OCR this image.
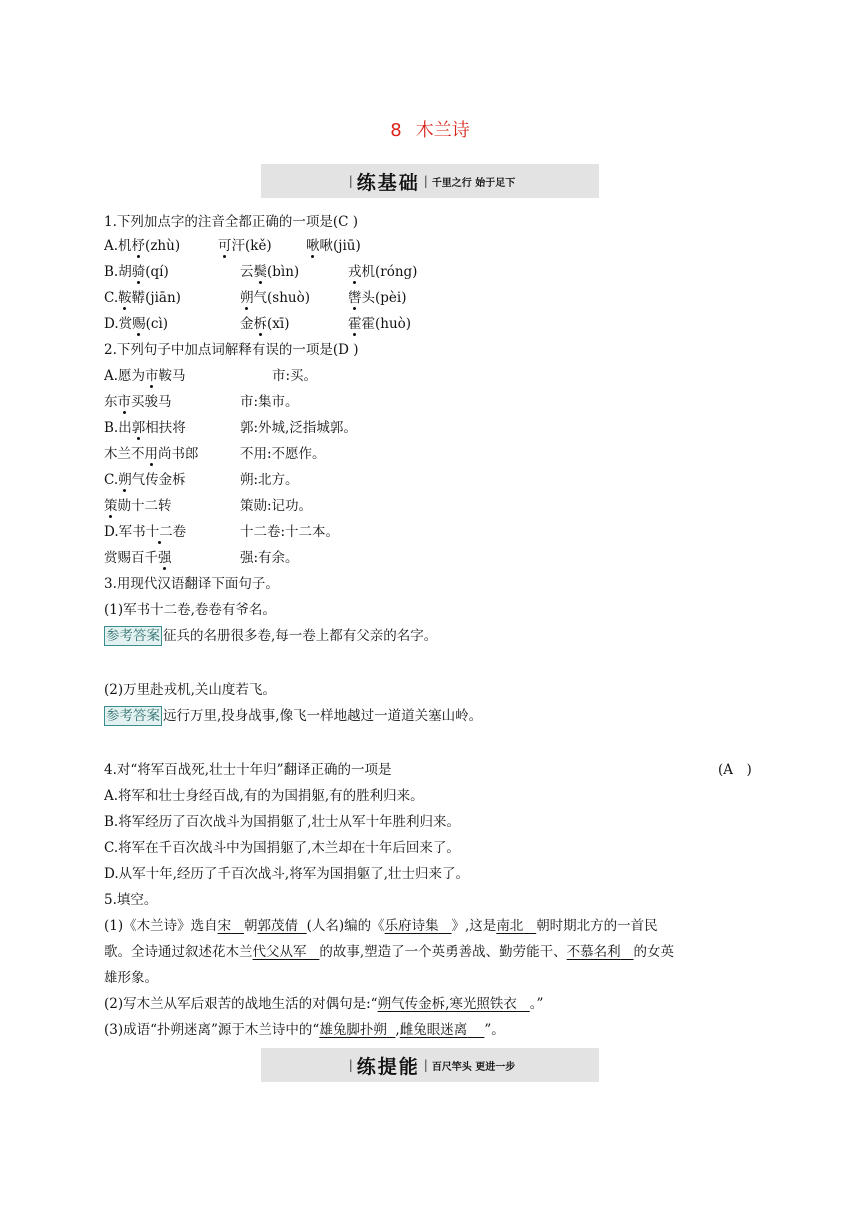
8 木兰诗
| 练基础 | 千里之行 始于足下
1.下列加点字的注音全都正确的一项是(C )
A.机杼(zhù)	可汗(kě)	啾啾(jiū)
B.胡骑(qí)	云鬓(bìn)	戎机(róng)
C.鞍鞯(jiān)	朔气(shuò)	辔头(pèi)
D.赏赐(cì)	金柝(xī)	霍霍(huò)
2.下列句子中加点词解释有误的一项是(D )
A.愿为市鞍马	市:买。
东市买骏马	市:集市。
B.出郭相扶将	郭:外城,泛指城郭。
木兰不用尚书郎	不用:不愿作。
C.朔气传金柝	朔:北方。
策勋十二转	策勋:记功。
D.军书十二卷	十二卷:十二本。
赏赐百千强	强:有余。
3.用现代汉语翻译下面句子。
(1)军书十二卷,卷卷有爷名。
参考答案 征兵的名册很多卷,每一卷上都有父亲的名字。
(2)万里赴戎机,关山度若飞。
参考答案 远行万里,投身战事,像飞一样地越过一道道关塞山岭。
4.对“将军百战死,壮士十年归”翻译正确的一项是	(A　)
A.将军和壮士身经百战,有的为国捐躯,有的胜利归来。
B.将军经历了百次战斗为国捐躯了,壮士从军十年胜利归来。
C.将军在千百次战斗中为国捐躯了,木兰却在十年后回来了。
D.从军十年,经历了千百次战斗,将军为国捐躯了,壮士归来了。
5.填空。
(1)《木兰诗》选自宋 朝郭茂倩 (人名)编的《乐府诗集 》,这是南北 朝时期北方的一首民
歌。全诗通过叙述花木兰代父从军 的故事,塑造了一个英勇善战、勤劳能干、不慕名利 的女英
雄形象。
(2)写木兰从军后艰苦的战地生活的对偶句是:“朔气传金柝,寒光照铁衣 。”
(3)成语“扑朔迷离”源于木兰诗中的“雄兔脚扑朔 ,雌兔眼迷离 ”。
| 练提能 | 百尺竿头 更进一步
